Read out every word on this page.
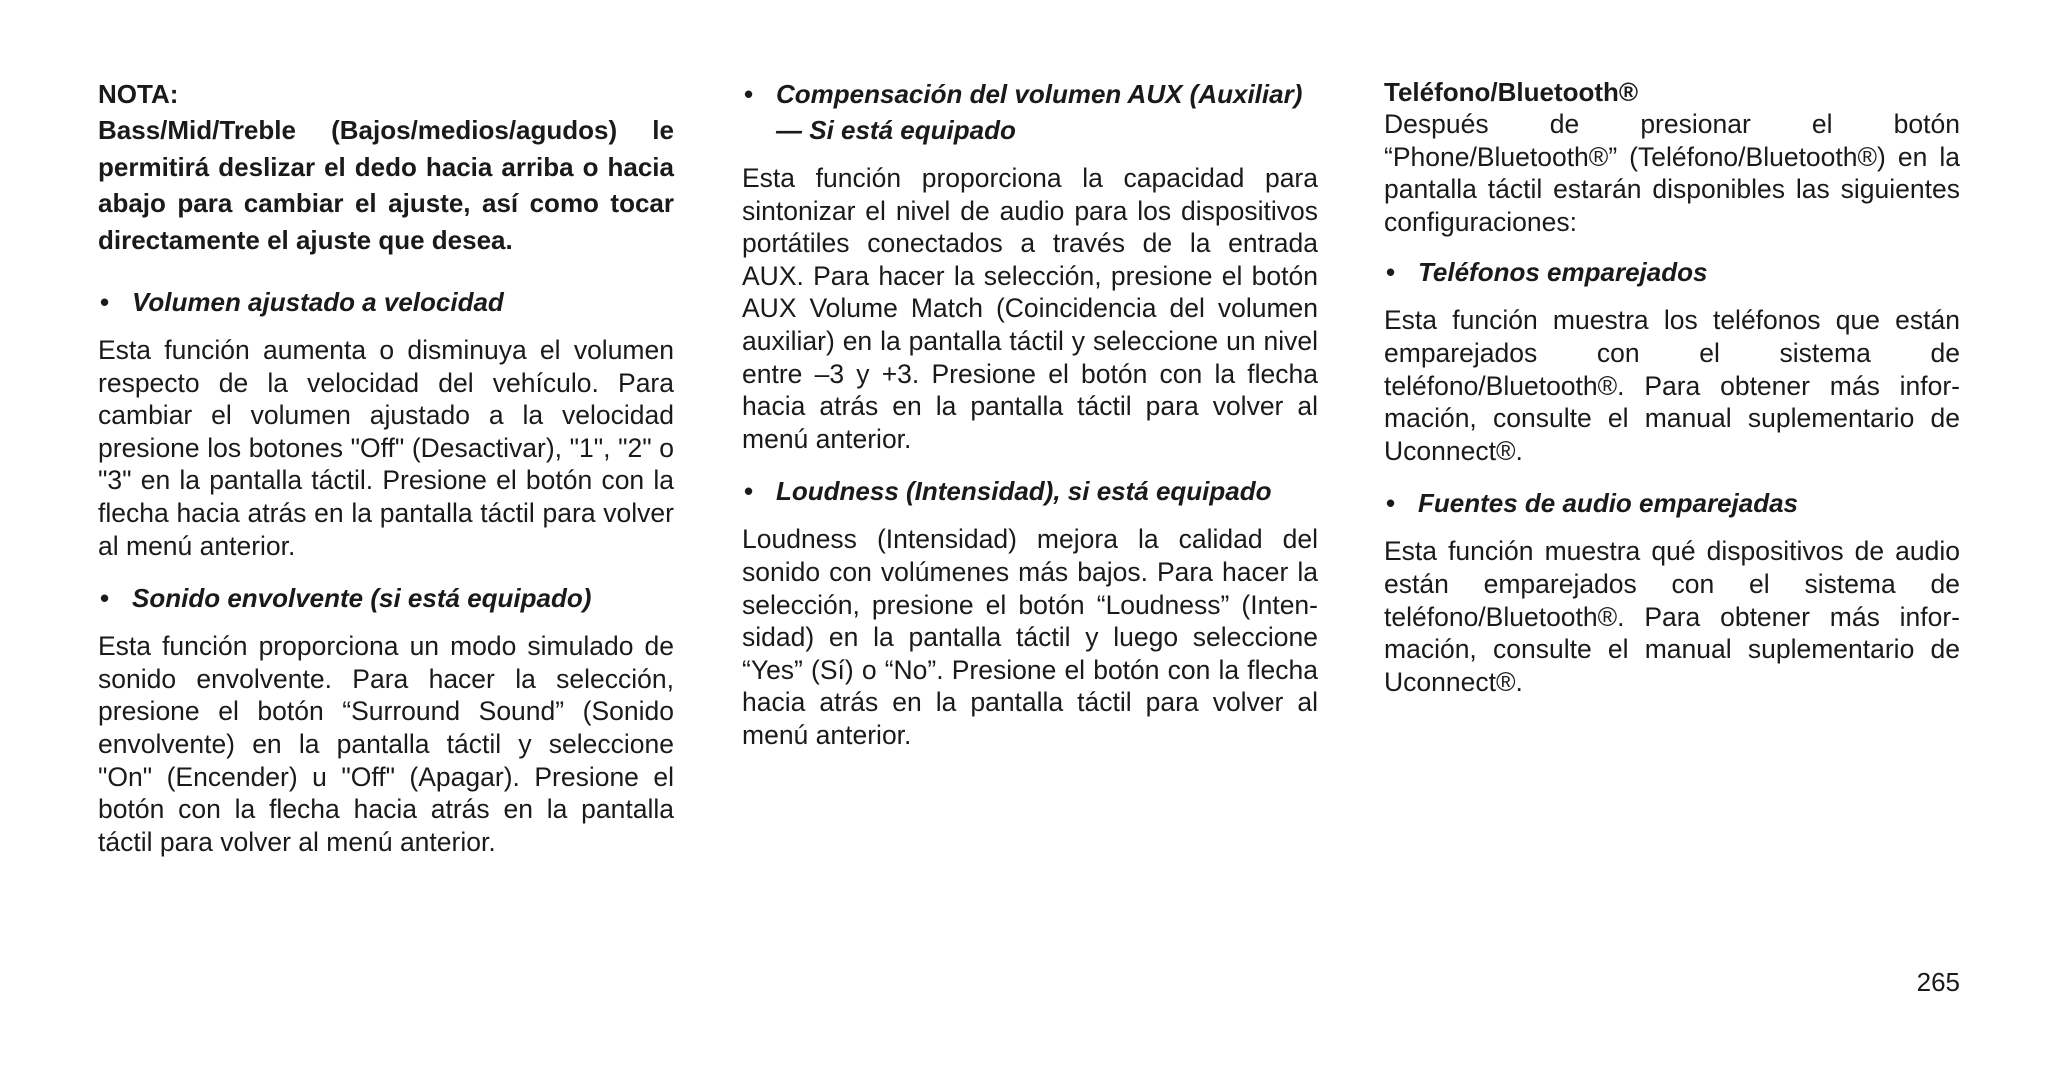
NOTA:

Bass/Mid/Treble (Bajos/medios/agudos) le permitirá deslizar el dedo hacia arriba o hacia abajo para cambiar el ajuste, así como tocar directamente el ajuste que desea.

• Volumen ajustado a velocidad

Esta función aumenta o disminuya el volumen respecto de la velocidad del vehículo. Para cambiar el volumen ajustado a la velocidad presione los botones "Off" (Desactivar), "1", "2" o "3" en la pantalla táctil. Presione el botón con la flecha hacia atrás en la pantalla táctil para volver al menú anterior.

• Sonido envolvente (si está equipado)

Esta función proporciona un modo simulado de sonido envolvente. Para hacer la selección, presione el botón “Surround Sound” (Sonido envolvente) en la pantalla táctil y seleccione "On" (Encender) u "Off" (Apagar). Presione el botón con la flecha hacia atrás en la pantalla táctil para volver al menú anterior.

• Compensación del volumen AUX (Auxiliar) — Si está equipado

Esta función proporciona la capacidad para sintonizar el nivel de audio para los dispositivos portátiles conectados a través de la entrada AUX. Para hacer la selección, presione el botón AUX Volume Match (Coincidencia del volumen auxiliar) en la pantalla táctil y seleccione un nivel entre –3 y +3. Presione el botón con la flecha hacia atrás en la pantalla táctil para volver al menú anterior.

• Loudness (Intensidad), si está equipado

Loudness (Intensidad) mejora la calidad del sonido con volúmenes más bajos. Para hacer la selección, presione el botón “Loudness” (Intensidad) en la pantalla táctil y luego seleccione “Yes” (Sí) o “No”. Presione el botón con la flecha hacia atrás en la pantalla táctil para volver al menú anterior.

Teléfono/Bluetooth®

Después de presionar el botón “Phone/Bluetooth®” (Teléfono/Bluetooth®) en la pantalla táctil estarán disponibles las siguientes configuraciones:

• Teléfonos emparejados

Esta función muestra los teléfonos que están emparejados con el sistema de teléfono/Bluetooth®. Para obtener más información, consulte el manual suplementario de Uconnect®.

• Fuentes de audio emparejadas

Esta función muestra qué dispositivos de audio están emparejados con el sistema de teléfono/Bluetooth®. Para obtener más información, consulte el manual suplementario de Uconnect®.

265
